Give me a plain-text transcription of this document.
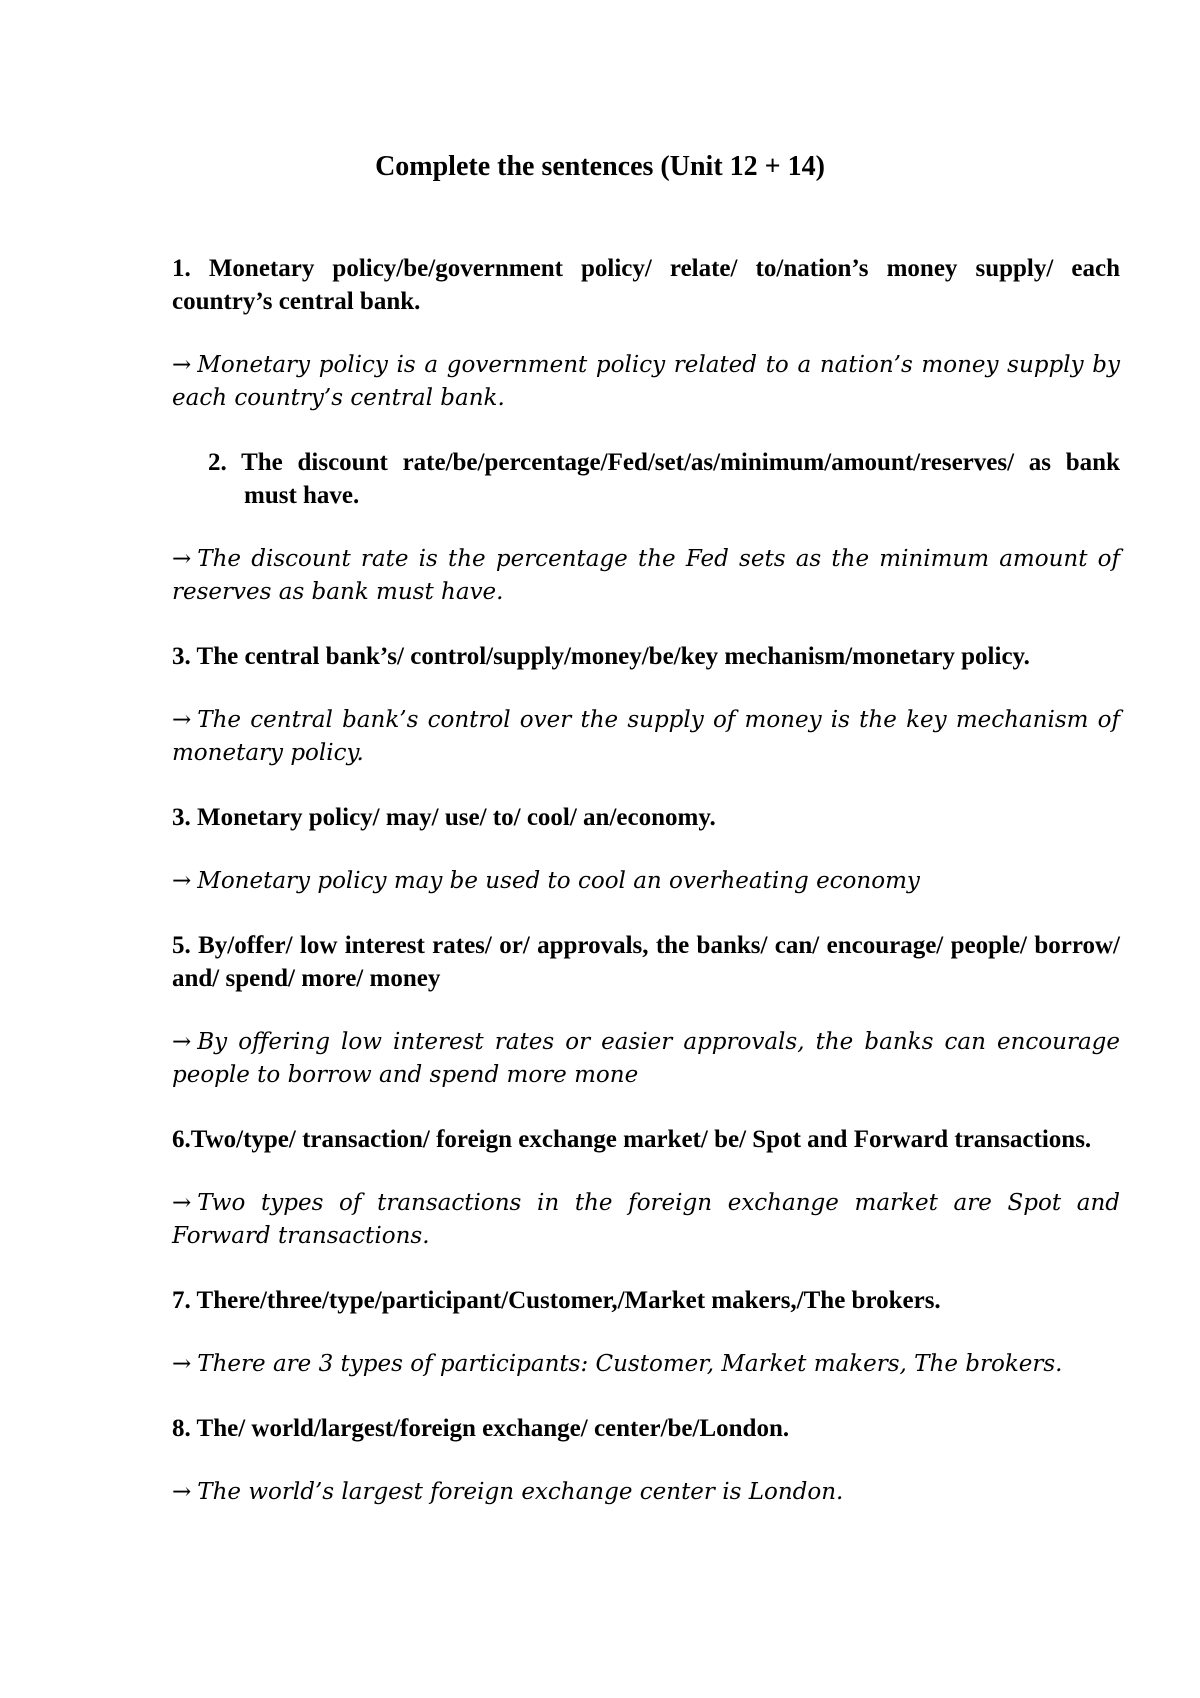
Complete the sentences (Unit 12 + 14)
1. Monetary policy/be/government policy/ relate/ to/nation’s money supply/ each country’s central bank.
→ Monetary policy is a government policy related to a nation’s money supply by each country’s central bank.
2. The discount rate/be/percentage/Fed/set/as/minimum/amount/reserves/ as bank must have.
→ The discount rate is the percentage the Fed sets as the minimum amount of reserves as bank must have.
3. The central bank’s/ control/supply/money/be/key mechanism/monetary policy.
→ The central bank’s control over the supply of money is the key mechanism of monetary policy.
3. Monetary policy/ may/ use/ to/ cool/ an/economy.
→ Monetary policy may be used to cool an overheating economy
5. By/offer/ low interest rates/ or/ approvals, the banks/ can/ encourage/ people/ borrow/ and/ spend/ more/ money
→ By offering low interest rates or easier approvals, the banks can encourage people to borrow and spend more mone
6.Two/type/ transaction/ foreign exchange market/ be/ Spot and Forward transactions.
→ Two types of transactions in the foreign exchange market are Spot and Forward transactions.
7. There/three/type/participant/Customer,/Market makers,/The brokers.
→ There are 3 types of participants: Customer, Market makers, The brokers.
8. The/ world/largest/foreign exchange/ center/be/London.
→ The world’s largest foreign exchange center is London.
